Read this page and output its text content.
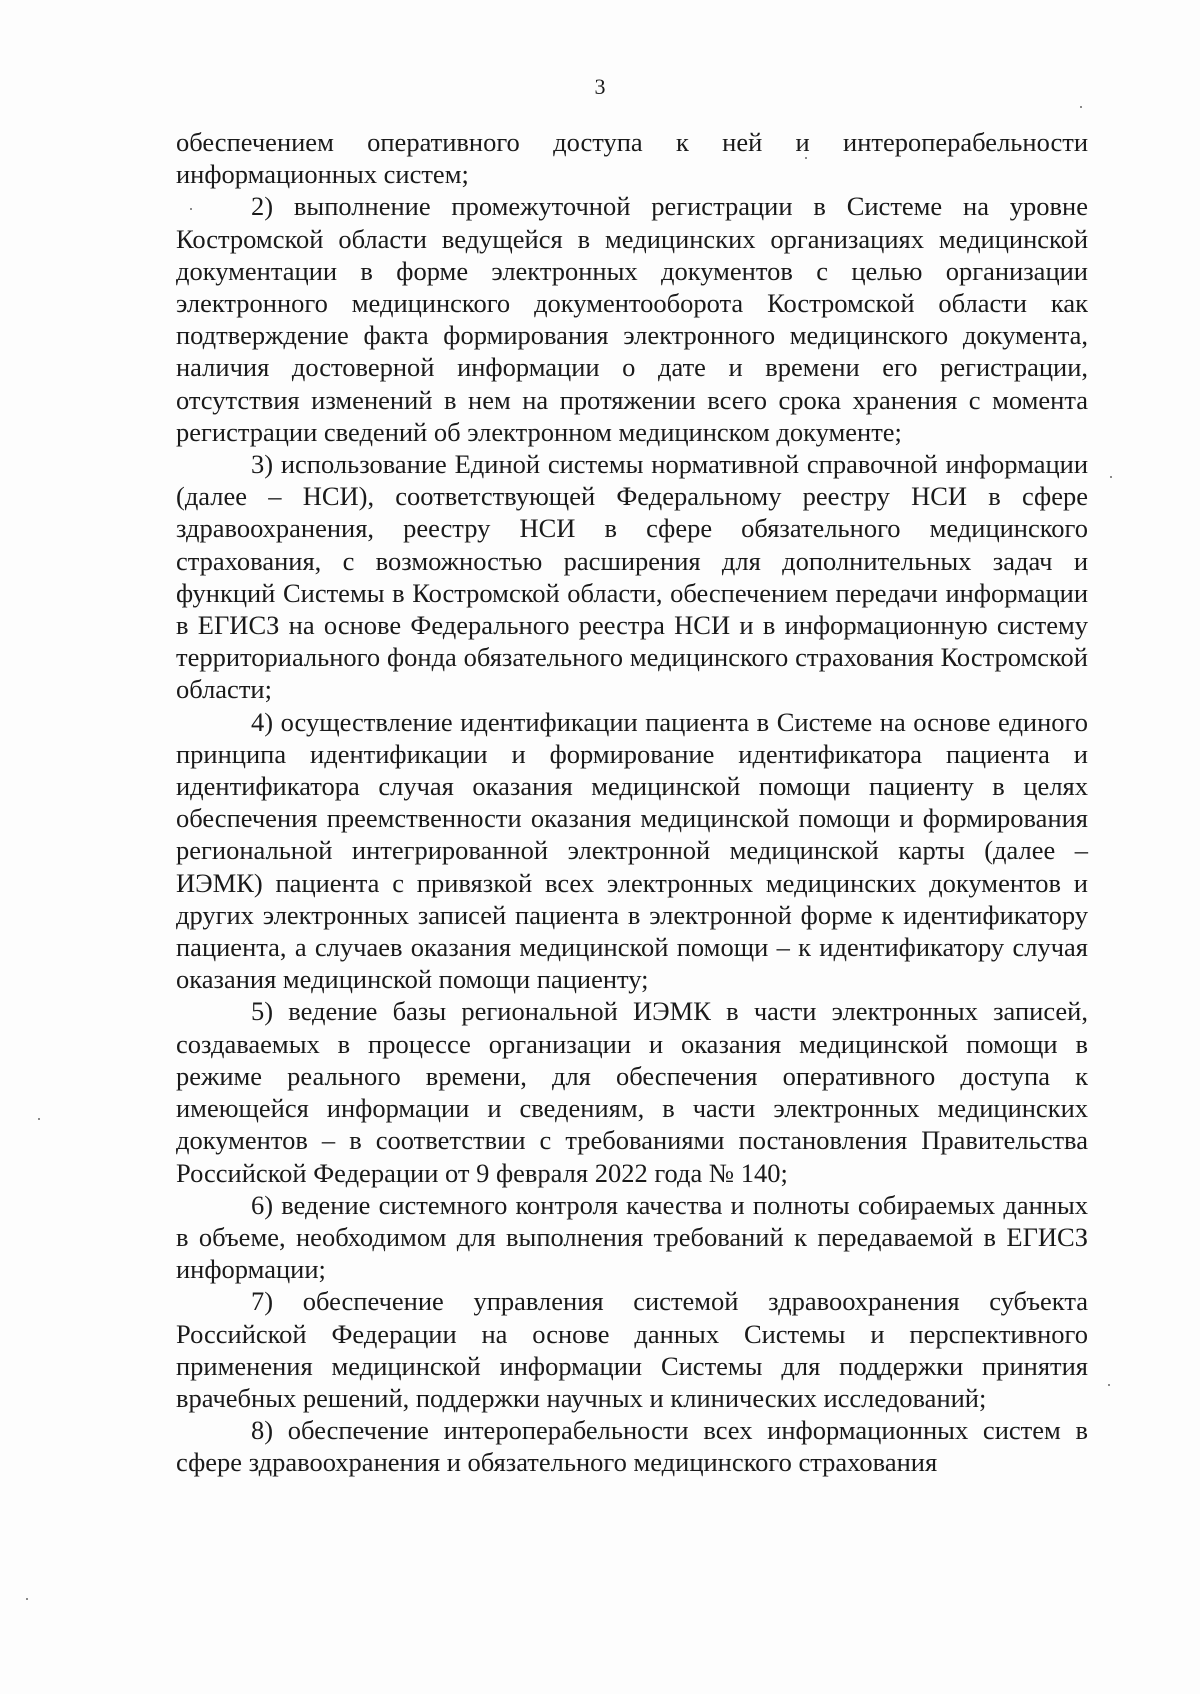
3

обеспечением оперативного доступа к ней и интероперабельности информационных систем;

2) выполнение промежуточной регистрации в Системе на уровне Костромской области ведущейся в медицинских организациях медицинской документации в форме электронных документов с целью организации электронного медицинского документооборота Костромской области как подтверждение факта формирования электронного медицинского документа, наличия достоверной информации о дате и времени его регистрации, отсутствия изменений в нем на протяжении всего срока хранения с момента регистрации сведений об электронном медицинском документе;

3) использование Единой системы нормативной справочной информации (далее – НСИ), соответствующей Федеральному реестру НСИ в сфере здравоохранения, реестру НСИ в сфере обязательного медицинского страхования, с возможностью расширения для дополнительных задач и функций Системы в Костромской области, обеспечением передачи информации в ЕГИСЗ на основе Федерального реестра НСИ и в информационную систему территориального фонда обязательного медицинского страхования Костромской области;

4) осуществление идентификации пациента в Системе на основе единого принципа идентификации и формирование идентификатора пациента и идентификатора случая оказания медицинской помощи пациенту в целях обеспечения преемственности оказания медицинской помощи и формирования региональной интегрированной электронной медицинской карты (далее – ИЭМК) пациента с привязкой всех электронных медицинских документов и других электронных записей пациента в электронной форме к идентификатору пациента, а случаев оказания медицинской помощи – к идентификатору случая оказания медицинской помощи пациенту;

5) ведение базы региональной ИЭМК в части электронных записей, создаваемых в процессе организации и оказания медицинской помощи в режиме реального времени, для обеспечения оперативного доступа к имеющейся информации и сведениям, в части электронных медицинских документов – в соответствии с требованиями постановления Правительства Российской Федерации от 9 февраля 2022 года № 140;

6) ведение системного контроля качества и полноты собираемых данных в объеме, необходимом для выполнения требований к передаваемой в ЕГИСЗ информации;

7) обеспечение управления системой здравоохранения субъекта Российской Федерации на основе данных Системы и перспективного применения медицинской информации Системы для поддержки принятия врачебных решений, поддержки научных и клинических исследований;

8) обеспечение интероперабельности всех информационных систем в сфере здравоохранения и обязательного медицинского страхования
